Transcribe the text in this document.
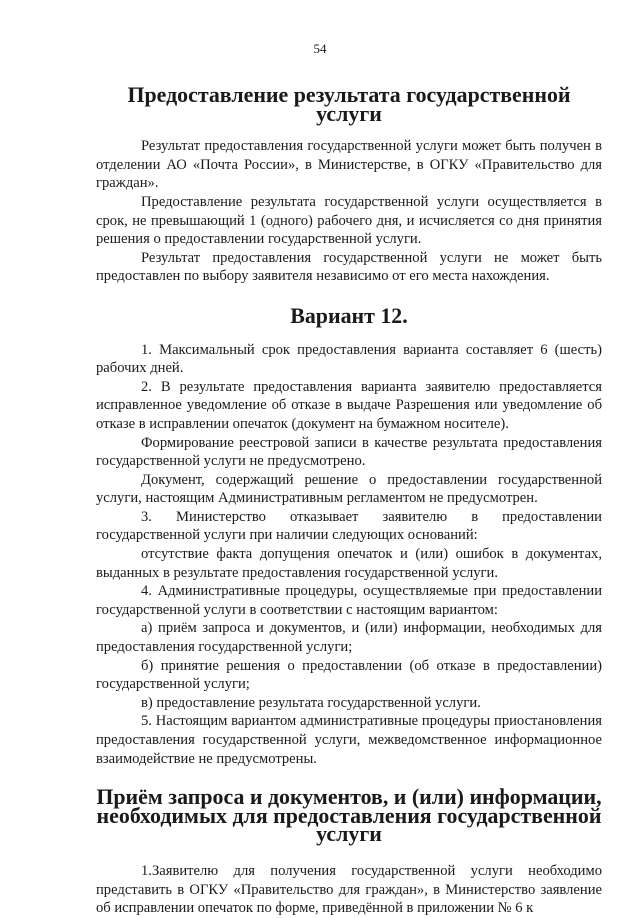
54
Предоставление результата государственной услуги

Результат предоставления государственной услуги может быть получен в отделении АО «Почта России», в Министерстве, в ОГКУ «Правительство для граждан».

Предоставление результата государственной услуги осуществляется в срок, не превышающий 1 (одного) рабочего дня, и исчисляется со дня принятия решения о предоставлении государственной услуги.

Результат предоставления государственной услуги не может быть предоставлен по выбору заявителя независимо от его места нахождения.

Вариант 12.

1. Максимальный срок предоставления варианта составляет 6 (шесть) рабочих дней.

2. В результате предоставления варианта заявителю предоставляется исправленное уведомление об отказе в выдаче Разрешения или уведомление об отказе в исправлении опечаток (документ на бумажном носителе).

Формирование реестровой записи в качестве результата предоставления государственной услуги не предусмотрено.

Документ, содержащий решение о предоставлении государственной услуги, настоящим Административным регламентом не предусмотрен.

3. Министерство отказывает заявителю в предоставлении государственной услуги при наличии следующих оснований:

отсутствие факта допущения опечаток и (или) ошибок в документах, выданных в результате предоставления государственной услуги.

4. Административные процедуры, осуществляемые при предоставлении государственной услуги в соответствии с настоящим вариантом:

а) приём запроса и документов, и (или) информации, необходимых для предоставления государственной услуги;

б) принятие решения о предоставлении (об отказе в предоставлении) государственной услуги;

в) предоставление результата государственной услуги.

5. Настоящим вариантом административные процедуры приостановления предоставления государственной услуги, межведомственное информационное взаимодействие не предусмотрены.

Приём запроса и документов, и (или) информации, необходимых для предоставления государственной услуги

1.Заявителю для получения государственной услуги необходимо представить в ОГКУ «Правительство для граждан», в Министерство заявление об исправлении опечаток по форме, приведённой в приложении № 6 к
